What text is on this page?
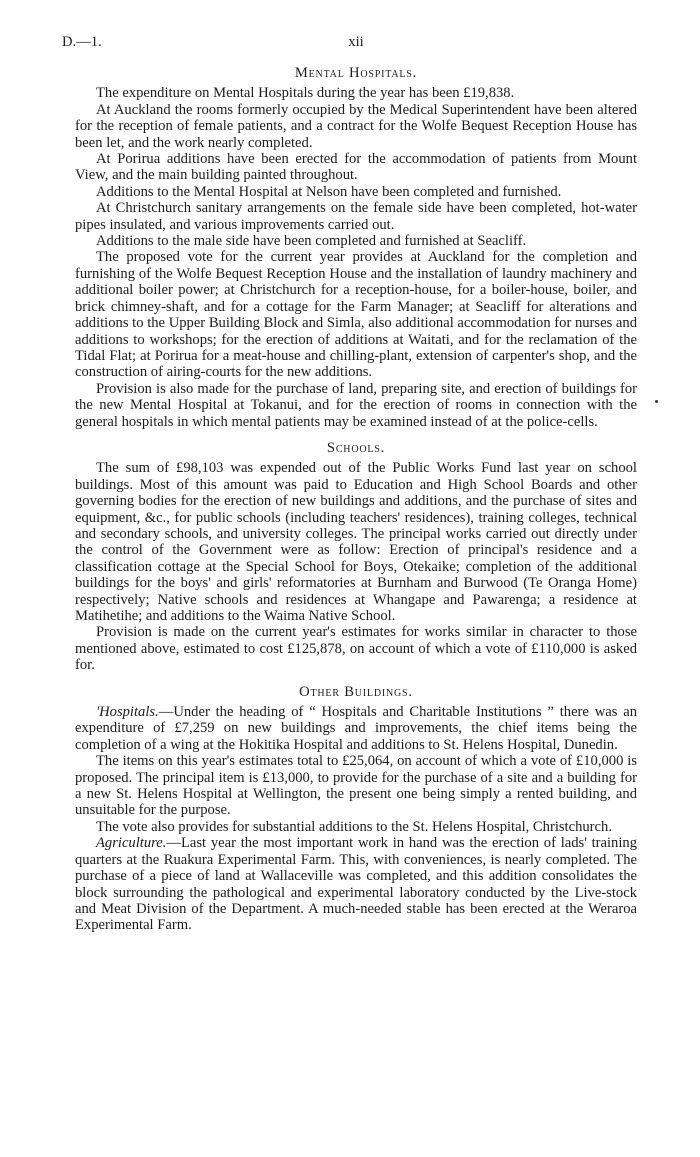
D.—1.	xii
Mental Hospitals.

The expenditure on Mental Hospitals during the year has been £19,838.

At Auckland the rooms formerly occupied by the Medical Superintendent have been altered for the reception of female patients, and a contract for the Wolfe Bequest Reception House has been let, and the work nearly completed.

At Porirua additions have been erected for the accommodation of patients from Mount View, and the main building painted throughout.

Additions to the Mental Hospital at Nelson have been completed and furnished.

At Christchurch sanitary arrangements on the female side have been completed, hot-water pipes insulated, and various improvements carried out.

Additions to the male side have been completed and furnished at Seacliff.

The proposed vote for the current year provides at Auckland for the completion and furnishing of the Wolfe Bequest Reception House and the installation of laundry machinery and additional boiler power; at Christchurch for a reception-house, for a boiler-house, boiler, and brick chimney-shaft, and for a cottage for the Farm Manager; at Seacliff for alterations and additions to the Upper Building Block and Simla, also additional accommodation for nurses and additions to workshops; for the erection of additions at Waitati, and for the reclamation of the Tidal Flat; at Porirua for a meat-house and chilling-plant, extension of carpenter's shop, and the construction of airing-courts for the new additions.

Provision is also made for the purchase of land, preparing site, and erection of buildings for the new Mental Hospital at Tokanui, and for the erection of rooms in connection with the general hospitals in which mental patients may be examined instead of at the police-cells.

Schools.

The sum of £98,103 was expended out of the Public Works Fund last year on school buildings. Most of this amount was paid to Education and High School Boards and other governing bodies for the erection of new buildings and additions, and the purchase of sites and equipment, &c., for public schools (including teachers' residences), training colleges, technical and secondary schools, and university colleges. The principal works carried out directly under the control of the Government were as follow: Erection of principal's residence and a classification cottage at the Special School for Boys, Otekaike; completion of the additional buildings for the boys' and girls' reformatories at Burnham and Burwood (Te Oranga Home) respectively; Native schools and residences at Whangape and Pawarenga; a residence at Matihetihe; and additions to the Waima Native School.

Provision is made on the current year's estimates for works similar in character to those mentioned above, estimated to cost £125,878, on account of which a vote of £110,000 is asked for.

Other Buildings.

'Hospitals.—Under the heading of “ Hospitals and Charitable Institutions ” there was an expenditure of £7,259 on new buildings and improvements, the chief items being the completion of a wing at the Hokitika Hospital and additions to St. Helens Hospital, Dunedin.

The items on this year's estimates total to £25,064, on account of which a vote of £10,000 is proposed. The principal item is £13,000, to provide for the purchase of a site and a building for a new St. Helens Hospital at Wellington, the present one being simply a rented building, and unsuitable for the purpose.

The vote also provides for substantial additions to the St. Helens Hospital, Christchurch.

Agriculture.—Last year the most important work in hand was the erection of lads' training quarters at the Ruakura Experimental Farm. This, with conveniences, is nearly completed. The purchase of a piece of land at Wallaceville was completed, and this addition consolidates the block surrounding the pathological and experimental laboratory conducted by the Live-stock and Meat Division of the Department. A much-needed stable has been erected at the Weraroa Experimental Farm.
